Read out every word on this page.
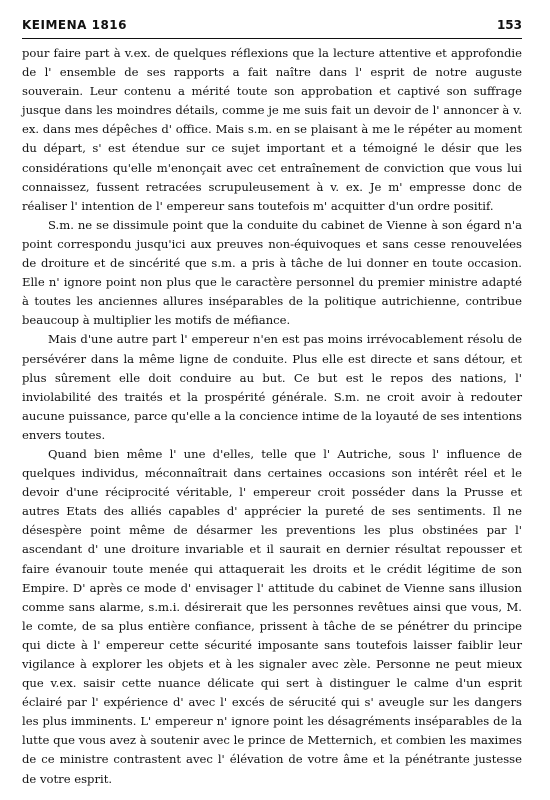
KEIMENA 1816	153

pour faire part à v.ex. de quelques réflexions que la lecture attentive et approfondie de l' ensemble de ses rapports a fait naître dans l' esprit de notre auguste souverain. Leur contenu a mérité toute son approbation et captivé son suffrage jusque dans les moindres détails, comme je me suis fait un devoir de l' annoncer à v. ex. dans mes dépêches d' office. Mais s.m. en se plaisant à me le répéter au moment du départ, s' est étendue sur ce sujet important et a témoigné le désir que les considérations qu'elle m'enonçait avec cet entraînement de conviction que vous lui connaissez, fussent retracées scrupuleusement à v. ex. Je m' empresse donc de réaliser l' intention de l' empereur sans toutefois m' acquitter d'un ordre positif.

S.m. ne se dissimule point que la conduite du cabinet de Vienne à son égard n'a point correspondu jusqu'ici aux preuves non-équivoques et sans cesse renouvelées de droiture et de sincérité que s.m. a pris à tâche de lui donner en toute occasion. Elle n' ignore point non plus que le caractère personnel du premier ministre adapté à toutes les anciennes allures inséparables de la politique autrichienne, contribue beaucoup à multiplier les motifs de méfiance.

Mais d'une autre part l' empereur n'en est pas moins irrévocablement résolu de persévérer dans la même ligne de conduite. Plus elle est directe et sans détour, et plus sûrement elle doit conduire au but. Ce but est le repos des nations, l' inviolabilité des traités et la prospérité générale. S.m. ne croit avoir à redouter aucune puissance, parce qu'elle a la concience intime de la loyauté de ses intentions envers toutes.

Quand bien même l' une d'elles, telle que l' Autriche, sous l' influence de quelques individus, méconnaîtrait dans certaines occasions son intérêt réel et le devoir d'une réciprocité véritable, l' empereur croit posséder dans la Prusse et autres Etats des alliés capables d' apprécier la pureté de ses sentiments. Il ne désespère point même de désarmer les preventions les plus obstinées par l' ascendant d' une droiture invariable et il saurait en dernier résultat repousser et faire évanouir toute menée qui attaquerait les droits et le crédit légitime de son Empire. D' après ce mode d' envisager l' attitude du cabinet de Vienne sans illusion comme sans alarme, s.m.i. désirerait que les personnes revêtues ainsi que vous, M. le comte, de sa plus entière confiance, prissent à tâche de se pénétrer du principe qui dicte à l' empereur cette sécurité imposante sans toutefois laisser faiblir leur vigilance à explorer les objets et à les signaler avec zèle. Personne ne peut mieux que v.ex. saisir cette nuance délicate qui sert à distinguer le calme d'un esprit éclairé par l' expérience d' avec l' excés de sérucité qui s' aveugle sur les dangers les plus imminents. L' empereur n' ignore point les désagréments inséparables de la lutte que vous avez à soutenir avec le prince de Metternich, et combien les maximes de ce ministre contrastent avec l' élévation de votre âme et la pénétrante justesse de votre esprit.
